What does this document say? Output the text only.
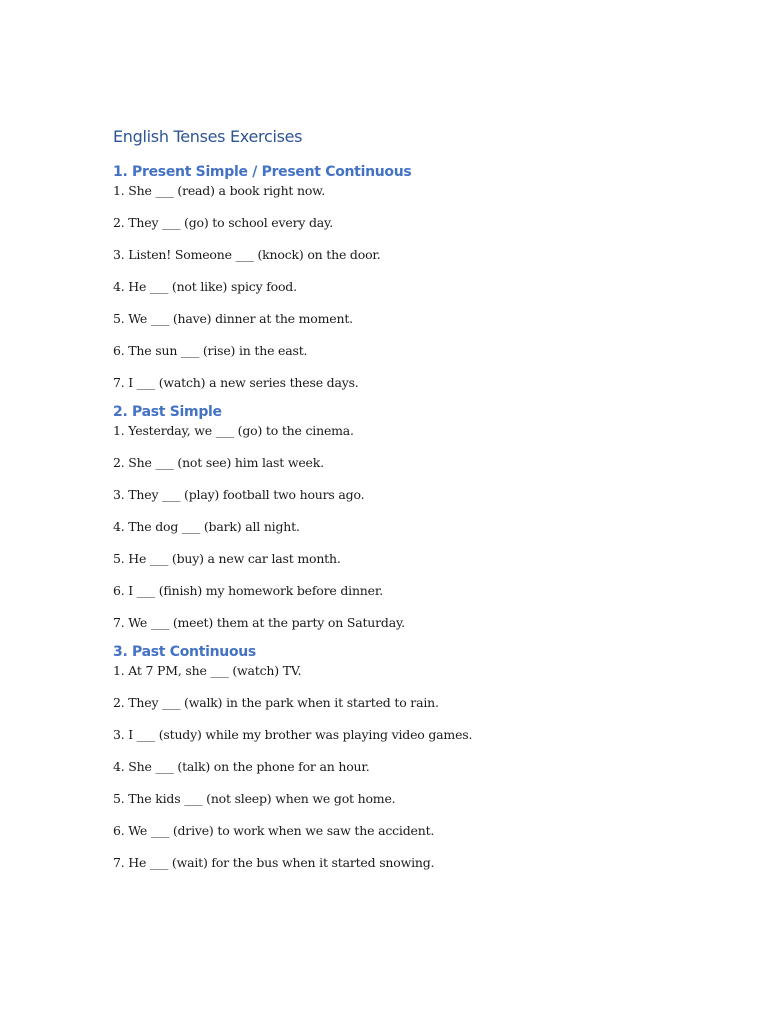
English Tenses Exercises
1. Present Simple / Present Continuous
1. She ___ (read) a book right now.
2. They ___ (go) to school every day.
3. Listen! Someone ___ (knock) on the door.
4. He ___ (not like) spicy food.
5. We ___ (have) dinner at the moment.
6. The sun ___ (rise) in the east.
7. I ___ (watch) a new series these days.
2. Past Simple
1. Yesterday, we ___ (go) to the cinema.
2. She ___ (not see) him last week.
3. They ___ (play) football two hours ago.
4. The dog ___ (bark) all night.
5. He ___ (buy) a new car last month.
6. I ___ (finish) my homework before dinner.
7. We ___ (meet) them at the party on Saturday.
3. Past Continuous
1. At 7 PM, she ___ (watch) TV.
2. They ___ (walk) in the park when it started to rain.
3. I ___ (study) while my brother was playing video games.
4. She ___ (talk) on the phone for an hour.
5. The kids ___ (not sleep) when we got home.
6. We ___ (drive) to work when we saw the accident.
7. He ___ (wait) for the bus when it started snowing.
